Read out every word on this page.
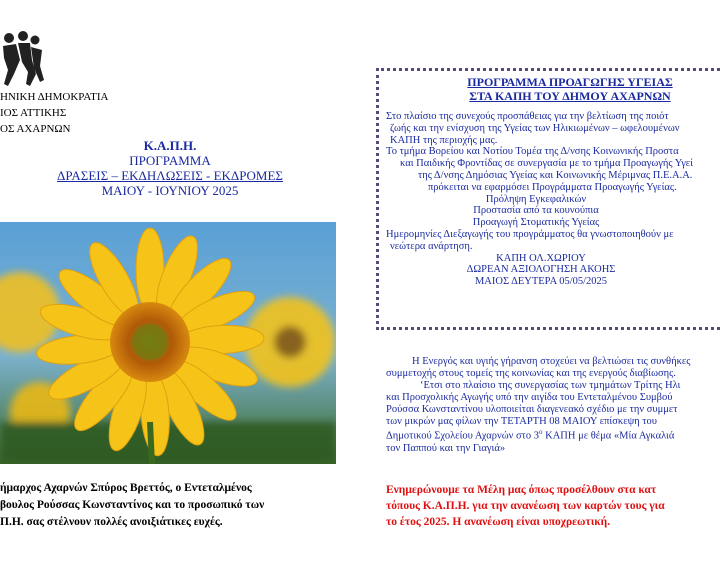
ΗΝΙΚΗ ΔΗΜΟΚΡΑΤΙΑ
ΙΟΣ ΑΤΤΙΚΗΣ
ΟΣ ΑΧΑΡΝΩΝ
Κ.Α.Π.Η.
ΠΡΟΓΡΑΜΜΑ
ΔΡΑΣΕΙΣ – ΕΚΔΗΛΩΣΕΙΣ - ΕΚΔΡΟΜΕΣ
ΜΑΙΟΥ - ΙΟΥΝΙΟΥ 2025
ήμαρχος Αχαρνών Σπύρος Βρεττός, ο Εντεταλμένος
βουλος Ρούσσας Κωνσταντίνος και το προσωπικό των
Π.Η. σας στέλνουν πολλές ανοιξιάτικες ευχές.
ΠΡΟΓΡΑΜΜΑ ΠΡΟΑΓΩΓΗΣ ΥΓΕΙΑΣ
ΣΤΑ ΚΑΠΗ ΤΟΥ ΔΗΜΟΥ ΑΧΑΡΝΩΝ
Στο πλαίσιο της συνεχούς προσπάθειας για την βελτίωση της ποιότ
ζωής και την ενίσχυση της Υγείας των Ηλικιωμένων – ωφελουμένων
ΚΑΠΗ της περιοχής μας.
Το τμήμα Βορείου και Νοτίου Τομέα της Δ/νσης Κοινωνικής Προστα
και Παιδικής Φροντίδας σε συνεργασία με το τμήμα Προαγωγής Υγεί
της Δ/νσης Δημόσιας Υγείας και Κοινωνικής Μέριμνας Π.Ε.Α.Α.
πρόκειται να εφαρμόσει Προγράμματα Προαγωγής Υγείας.
Πρόληψη Εγκεφαλικών
Προστασία από τα κουνούπια
Προαγωγή Στοματικής Υγείας
Ημερομηνίες Διεξαγωγής του προγράμματος θα γνωστοποιηθούν με
νεώτερα ανάρτηση.
ΚΑΠΗ ΟΛ.ΧΩΡΙΟΥ
ΔΩΡΕΑΝ ΑΞΙΟΛΟΓΗΣΗ ΑΚΟΗΣ
ΜΑΙΟΣ ΔΕΥΤΕΡΑ 05/05/2025
Η Ενεργός και υγιής γήρανση στοχεύει να βελτιώσει τις συνθήκες
συμμετοχής στους τομείς της κοινωνίας και της ενεργούς διαβίωσης.
‘Ετσι στο πλαίσιο της συνεργασίας των τμημάτων Τρίτης Ηλι
και Προσχολικής Αγωγής υπό την αιγίδα του Εντεταλμένου Συμβού
Ρούσσα Κωνσταντίνου υλοποιείται διαγενεακό σχέδιο με την συμμετ
των μικρών μας φίλων την ΤΕΤΑΡΤΗ 08 ΜΑΙΟΥ επίσκεψη του
Δημοτικού Σχολείου Αχαρνών στο $3^o$ ΚΑΠΗ με θέμα «Μία Αγκαλιά
τον Παππού και την Γιαγιά»
Ενημερώνουμε τα Μέλη μας όπως προσέλθουν στα κατ
τόπους Κ.Α.Π.Η. για την ανανέωση των καρτών τους για
το έτος 2025. Η ανανέωση είναι υποχρεωτική.
